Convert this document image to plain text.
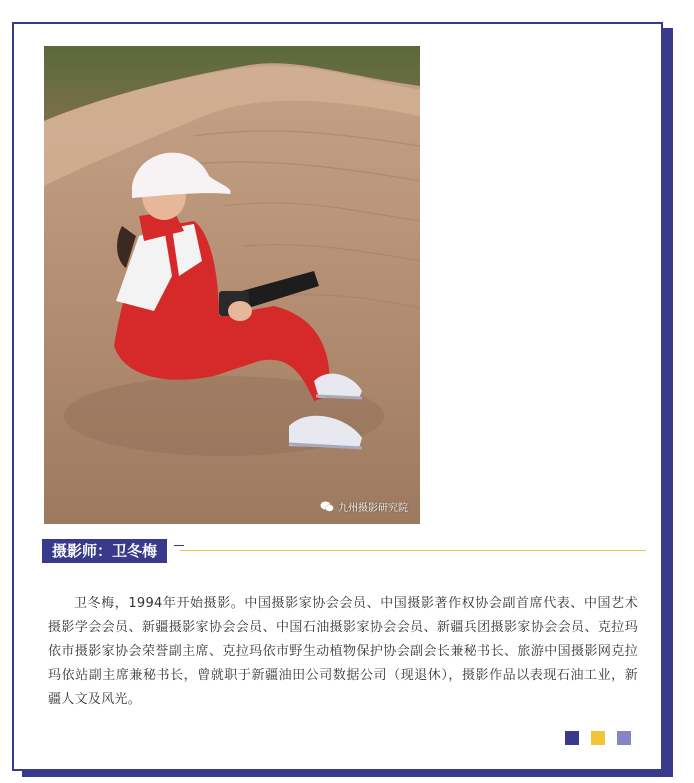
九州摄影研究院
摄影师：卫冬梅

卫冬梅，1994年开始摄影。中国摄影家协会会员、中国摄影著作权协会副首席代表、中国艺术摄影学会会员、新疆摄影家协会会员、中国石油摄影家协会会员、新疆兵团摄影家协会会员、克拉玛依市摄影家协会荣誉副主席、克拉玛依市野生动植物保护协会副会长兼秘书长、旅游中国摄影网克拉玛依站副主席兼秘书长，曾就职于新疆油田公司数据公司（现退休），摄影作品以表现石油工业，新疆人文及风光。
